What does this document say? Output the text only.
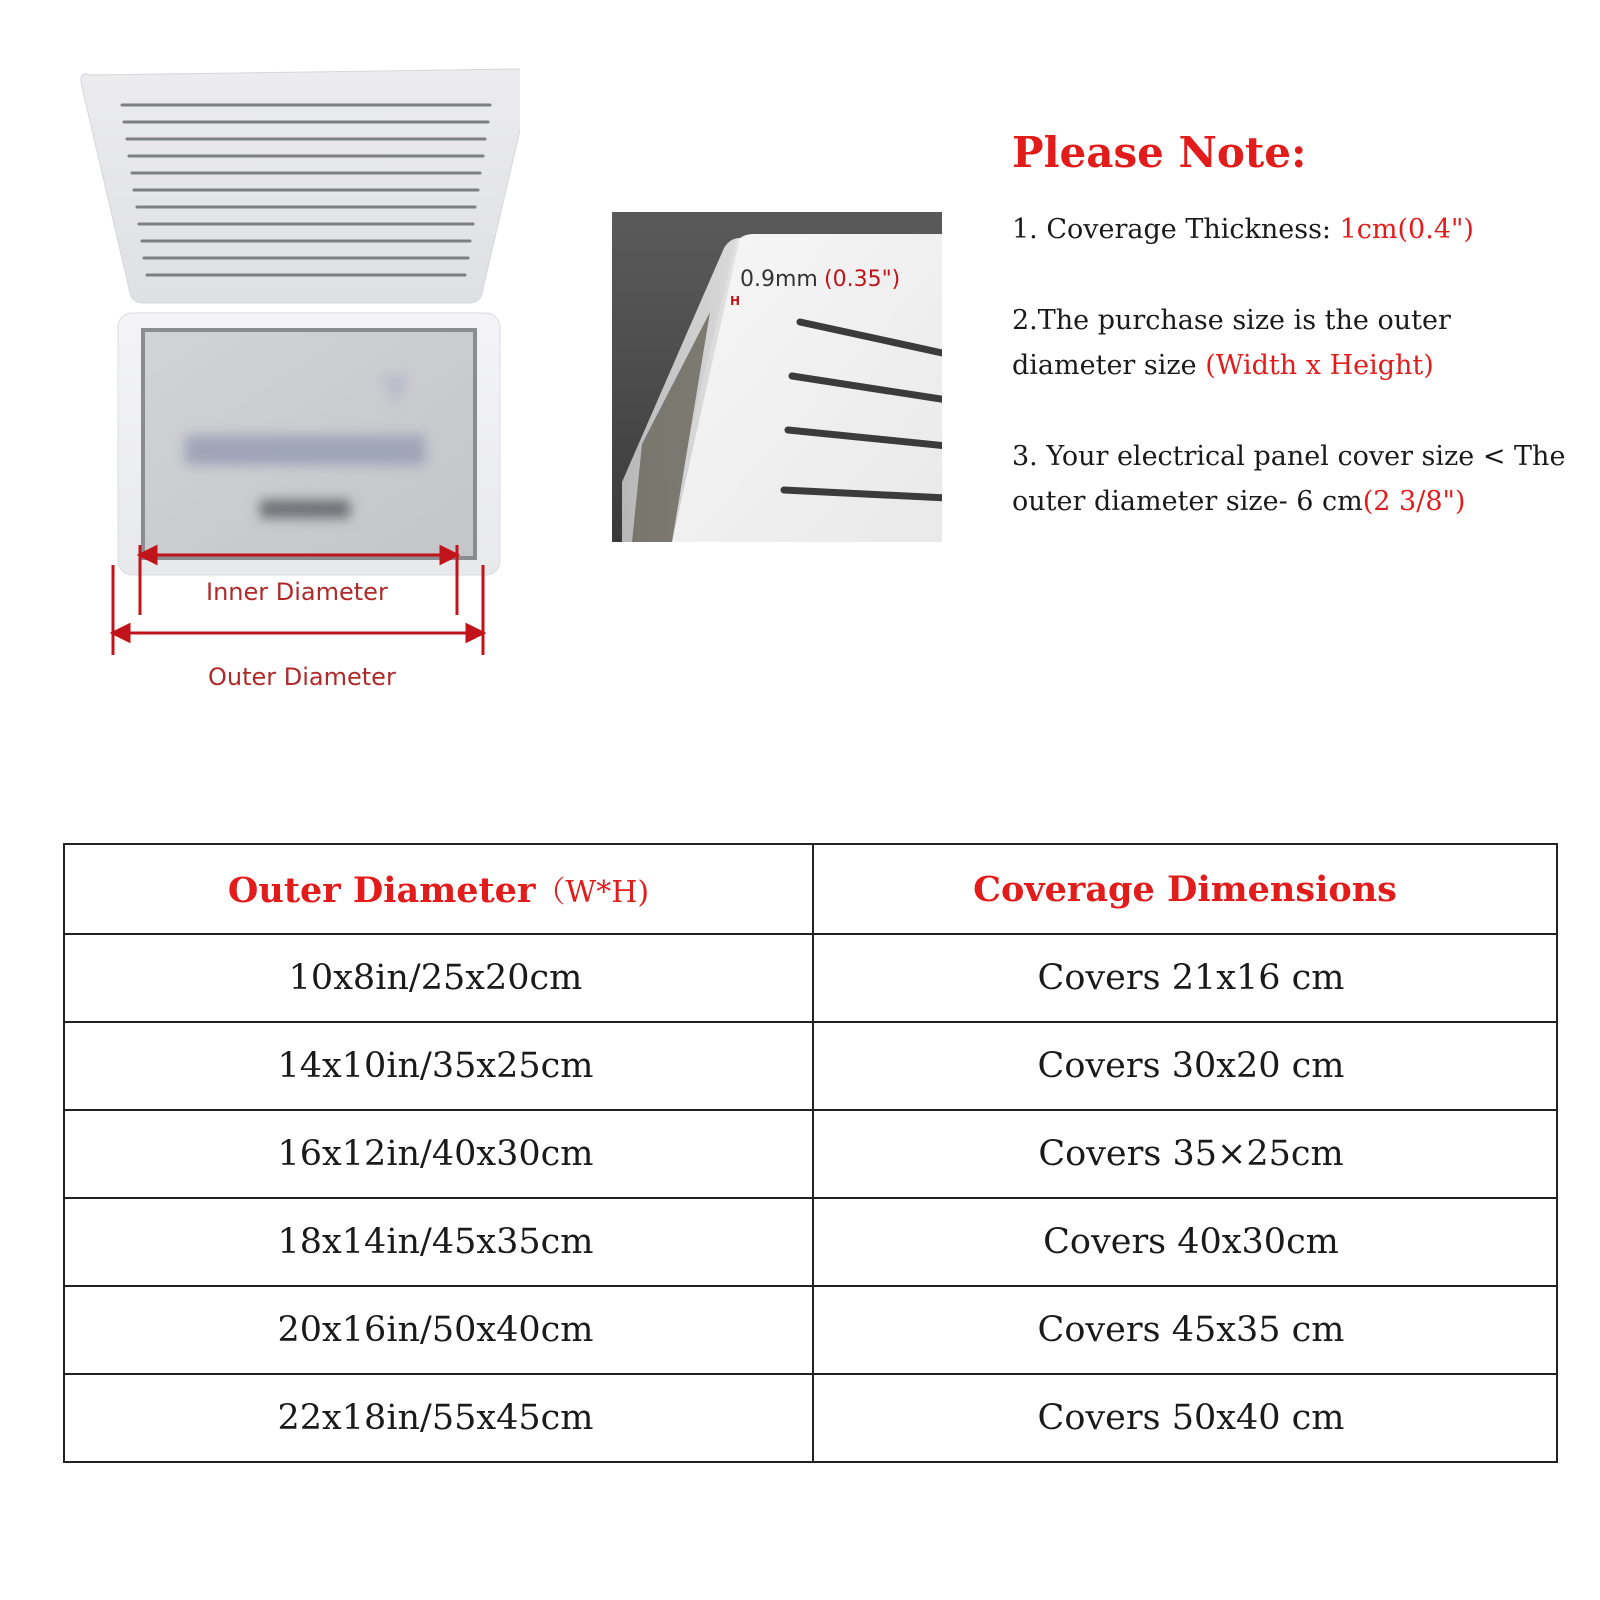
Inner Diameter
Outer Diameter
0.9mm (0.35")
H
Please Note:
1. Coverage Thickness: 1cm(0.4")
2.The purchase size is the outer diameter size (Width x Height)
3. Your electrical panel cover size < The outer diameter size- 6 cm(2 3/8")
Outer Diameter（W*H)	Coverage Dimensions
10x8in/25x20cm	Covers 21x16 cm
14x10in/35x25cm	Covers 30x20 cm
16x12in/40x30cm	Covers 35×25cm
18x14in/45x35cm	Covers 40x30cm
20x16in/50x40cm	Covers 45x35 cm
22x18in/55x45cm	Covers 50x40 cm
